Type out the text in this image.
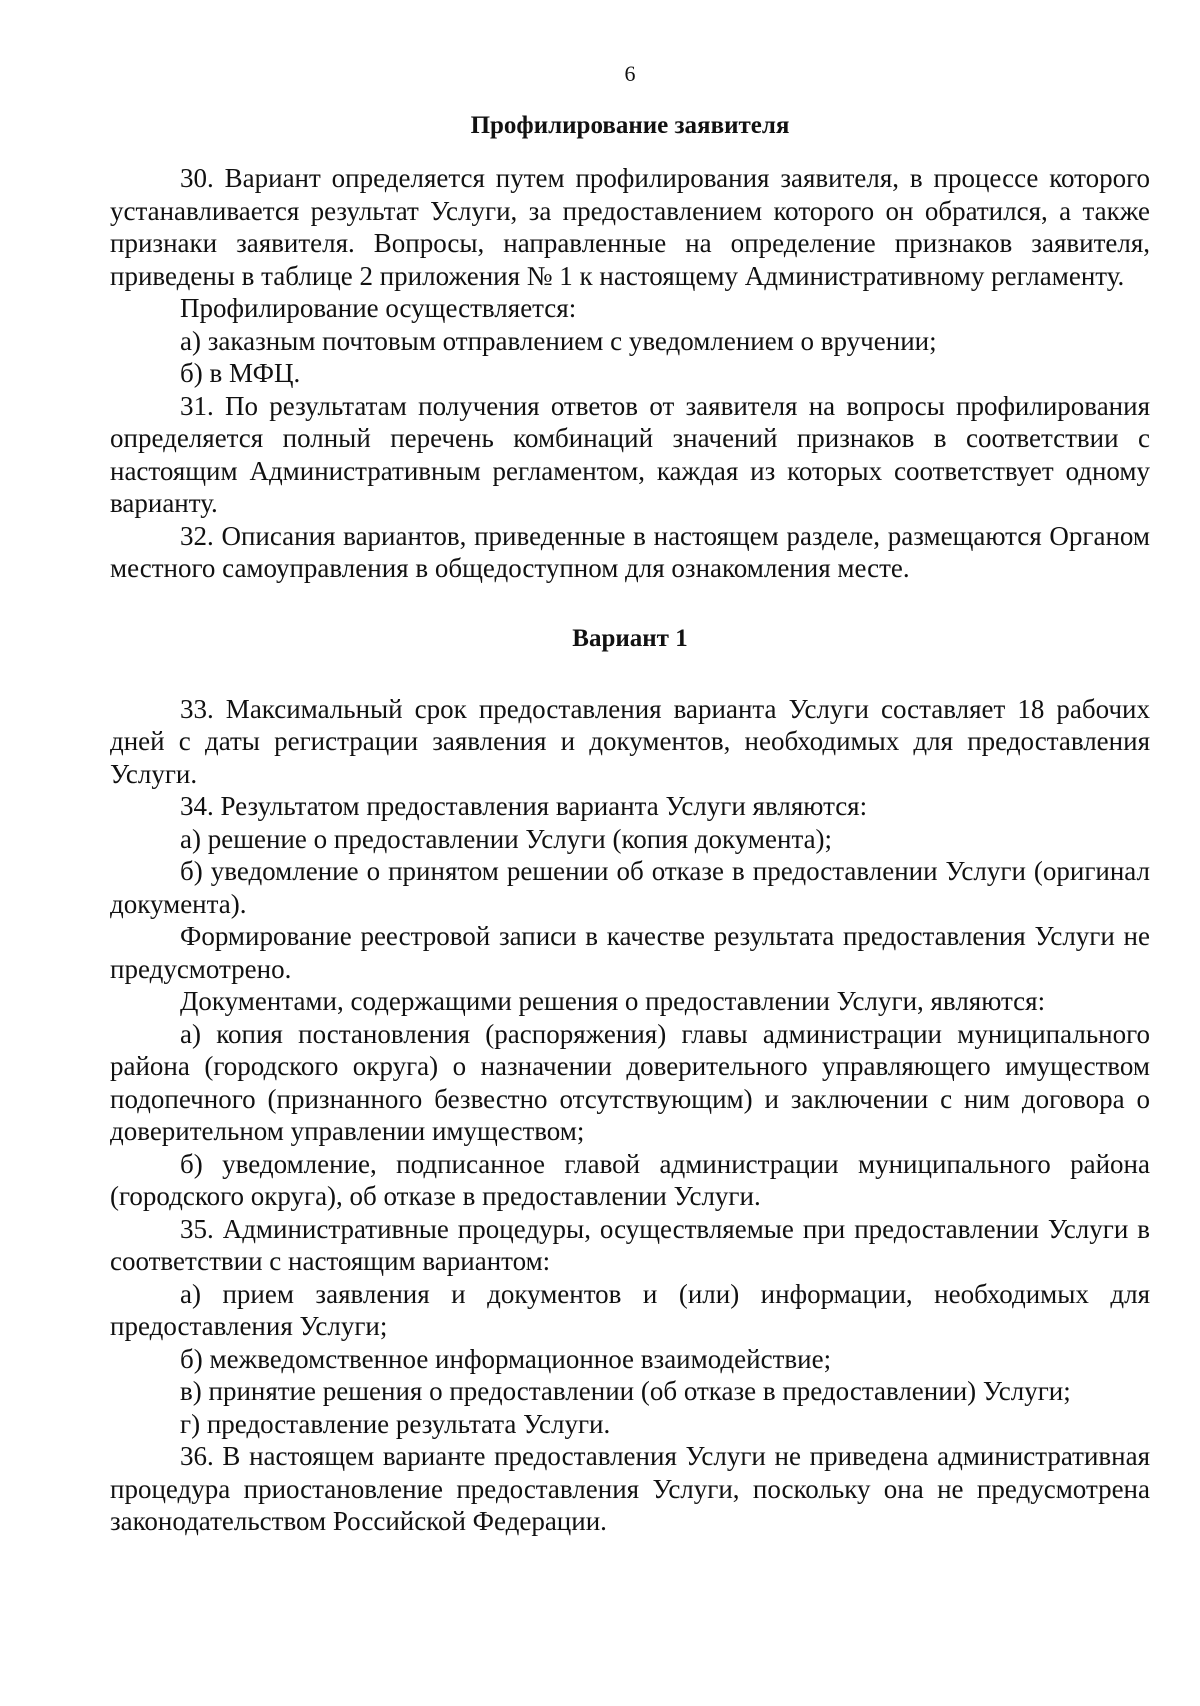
6
Профилирование заявителя

30. Вариант определяется путем профилирования заявителя, в процессе которого устанавливается результат Услуги, за предоставлением которого он обратился, а также признаки заявителя. Вопросы, направленные на определение признаков заявителя, приведены в таблице 2 приложения № 1 к настоящему Административному регламенту.

Профилирование осуществляется:

а) заказным почтовым отправлением с уведомлением о вручении;

б) в МФЦ.

31. По результатам получения ответов от заявителя на вопросы профилирования определяется полный перечень комбинаций значений признаков в соответствии с настоящим Административным регламентом, каждая из которых соответствует одному варианту.

32. Описания вариантов, приведенные в настоящем разделе, размещаются Органом местного самоуправления в общедоступном для ознакомления месте.

Вариант 1

33. Максимальный срок предоставления варианта Услуги составляет 18 рабочих дней с даты регистрации заявления и документов, необходимых для предоставления Услуги.

34. Результатом предоставления варианта Услуги являются:

а) решение о предоставлении Услуги (копия документа);

б) уведомление о принятом решении об отказе в предоставлении Услуги (оригинал документа).

Формирование реестровой записи в качестве результата предоставления Услуги не предусмотрено.

Документами, содержащими решения о предоставлении Услуги, являются:

а) копия постановления (распоряжения) главы администрации муниципального района (городского округа) о назначении доверительного управляющего имуществом подопечного (признанного безвестно отсутствующим) и заключении с ним договора о доверительном управлении имуществом;

б) уведомление, подписанное главой администрации муниципального района (городского округа), об отказе в предоставлении Услуги.

35. Административные процедуры, осуществляемые при предоставлении Услуги в соответствии с настоящим вариантом:

а) прием заявления и документов и (или) информации, необходимых для предоставления Услуги;

б) межведомственное информационное взаимодействие;

в) принятие решения о предоставлении (об отказе в предоставлении) Услуги;

г) предоставление результата Услуги.

36. В настоящем варианте предоставления Услуги не приведена административная процедура приостановление предоставления Услуги, поскольку она не предусмотрена законодательством Российской Федерации.
